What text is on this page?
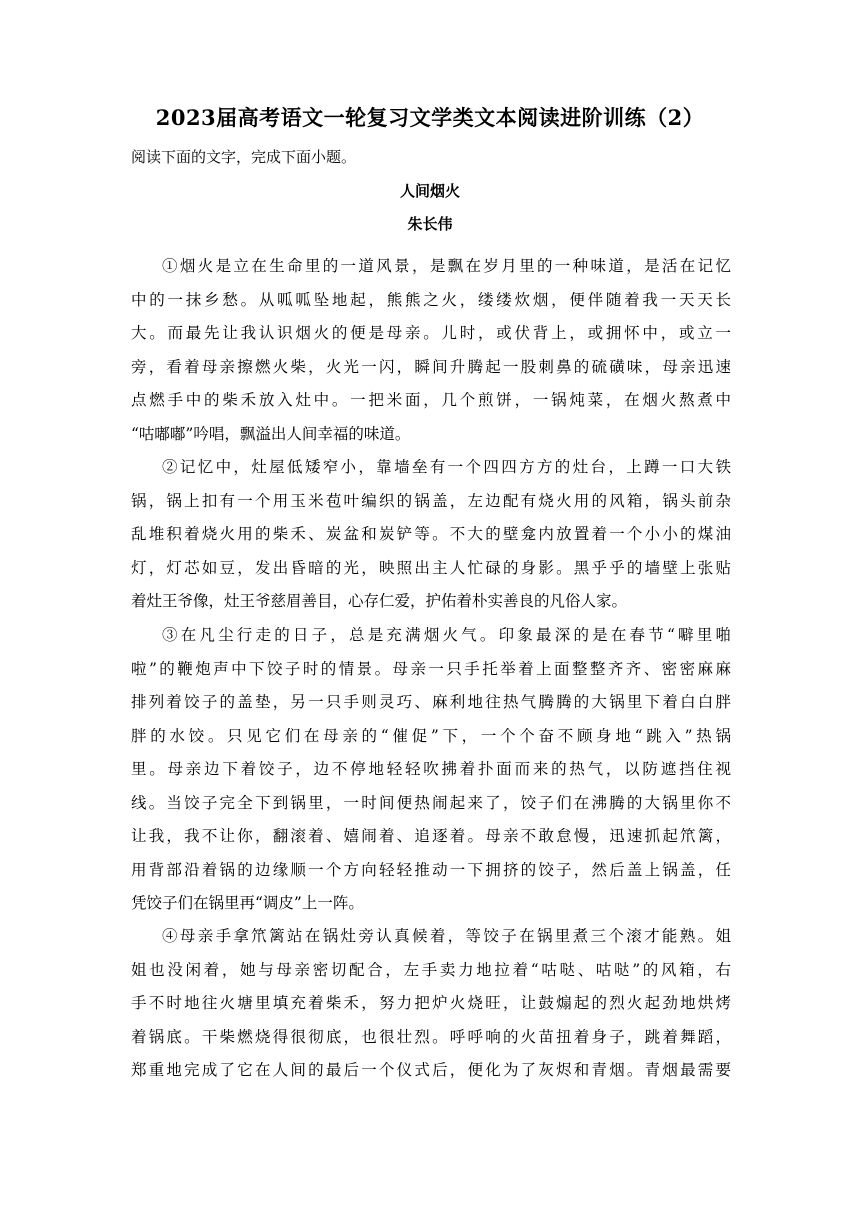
2023届高考语文一轮复习文学类文本阅读进阶训练（2）
阅读下面的文字，完成下面小题。
人间烟火
朱长伟
①烟火是立在生命里的一道风景，是飘在岁月里的一种味道，是活在记忆
中的一抹乡愁。从呱呱坠地起，熊熊之火，缕缕炊烟，便伴随着我一天天长
大。而最先让我认识烟火的便是母亲。儿时，或伏背上，或拥怀中，或立一
旁，看着母亲擦燃火柴，火光一闪，瞬间升腾起一股刺鼻的硫磺味，母亲迅速
点燃手中的柴禾放入灶中。一把米面，几个煎饼，一锅炖菜，在烟火熬煮中
“咕嘟嘟”吟唱，飘溢出人间幸福的味道。
②记忆中，灶屋低矮窄小，靠墙垒有一个四四方方的灶台，上蹲一口大铁
锅，锅上扣有一个用玉米苞叶编织的锅盖，左边配有烧火用的风箱，锅头前杂
乱堆积着烧火用的柴禾、炭盆和炭铲等。不大的壁龛内放置着一个小小的煤油
灯，灯芯如豆，发出昏暗的光，映照出主人忙碌的身影。黑乎乎的墙壁上张贴
着灶王爷像，灶王爷慈眉善目，心存仁爱，护佑着朴实善良的凡俗人家。
③在凡尘行走的日子，总是充满烟火气。印象最深的是在春节“噼里啪
啦”的鞭炮声中下饺子时的情景。母亲一只手托举着上面整整齐齐、密密麻麻
排列着饺子的盖垫，另一只手则灵巧、麻利地往热气腾腾的大锅里下着白白胖
胖的水饺。只见它们在母亲的“催促”下，一个个奋不顾身地“跳入”热锅
里。母亲边下着饺子，边不停地轻轻吹拂着扑面而来的热气，以防遮挡住视
线。当饺子完全下到锅里，一时间便热闹起来了，饺子们在沸腾的大锅里你不
让我，我不让你，翻滚着、嬉闹着、追逐着。母亲不敢怠慢，迅速抓起笊篱，
用背部沿着锅的边缘顺一个方向轻轻推动一下拥挤的饺子，然后盖上锅盖，任
凭饺子们在锅里再“调皮”上一阵。
④母亲手拿笊篱站在锅灶旁认真候着，等饺子在锅里煮三个滚才能熟。姐
姐也没闲着，她与母亲密切配合，左手卖力地拉着“咕哒、咕哒”的风箱，右
手不时地往火塘里填充着柴禾，努力把炉火烧旺，让鼓煽起的烈火起劲地烘烤
着锅底。干柴燃烧得很彻底，也很壮烈。呼呼响的火苗扭着身子，跳着舞蹈，
郑重地完成了它在人间的最后一个仪式后，便化为了灰烬和青烟。青烟最需要
